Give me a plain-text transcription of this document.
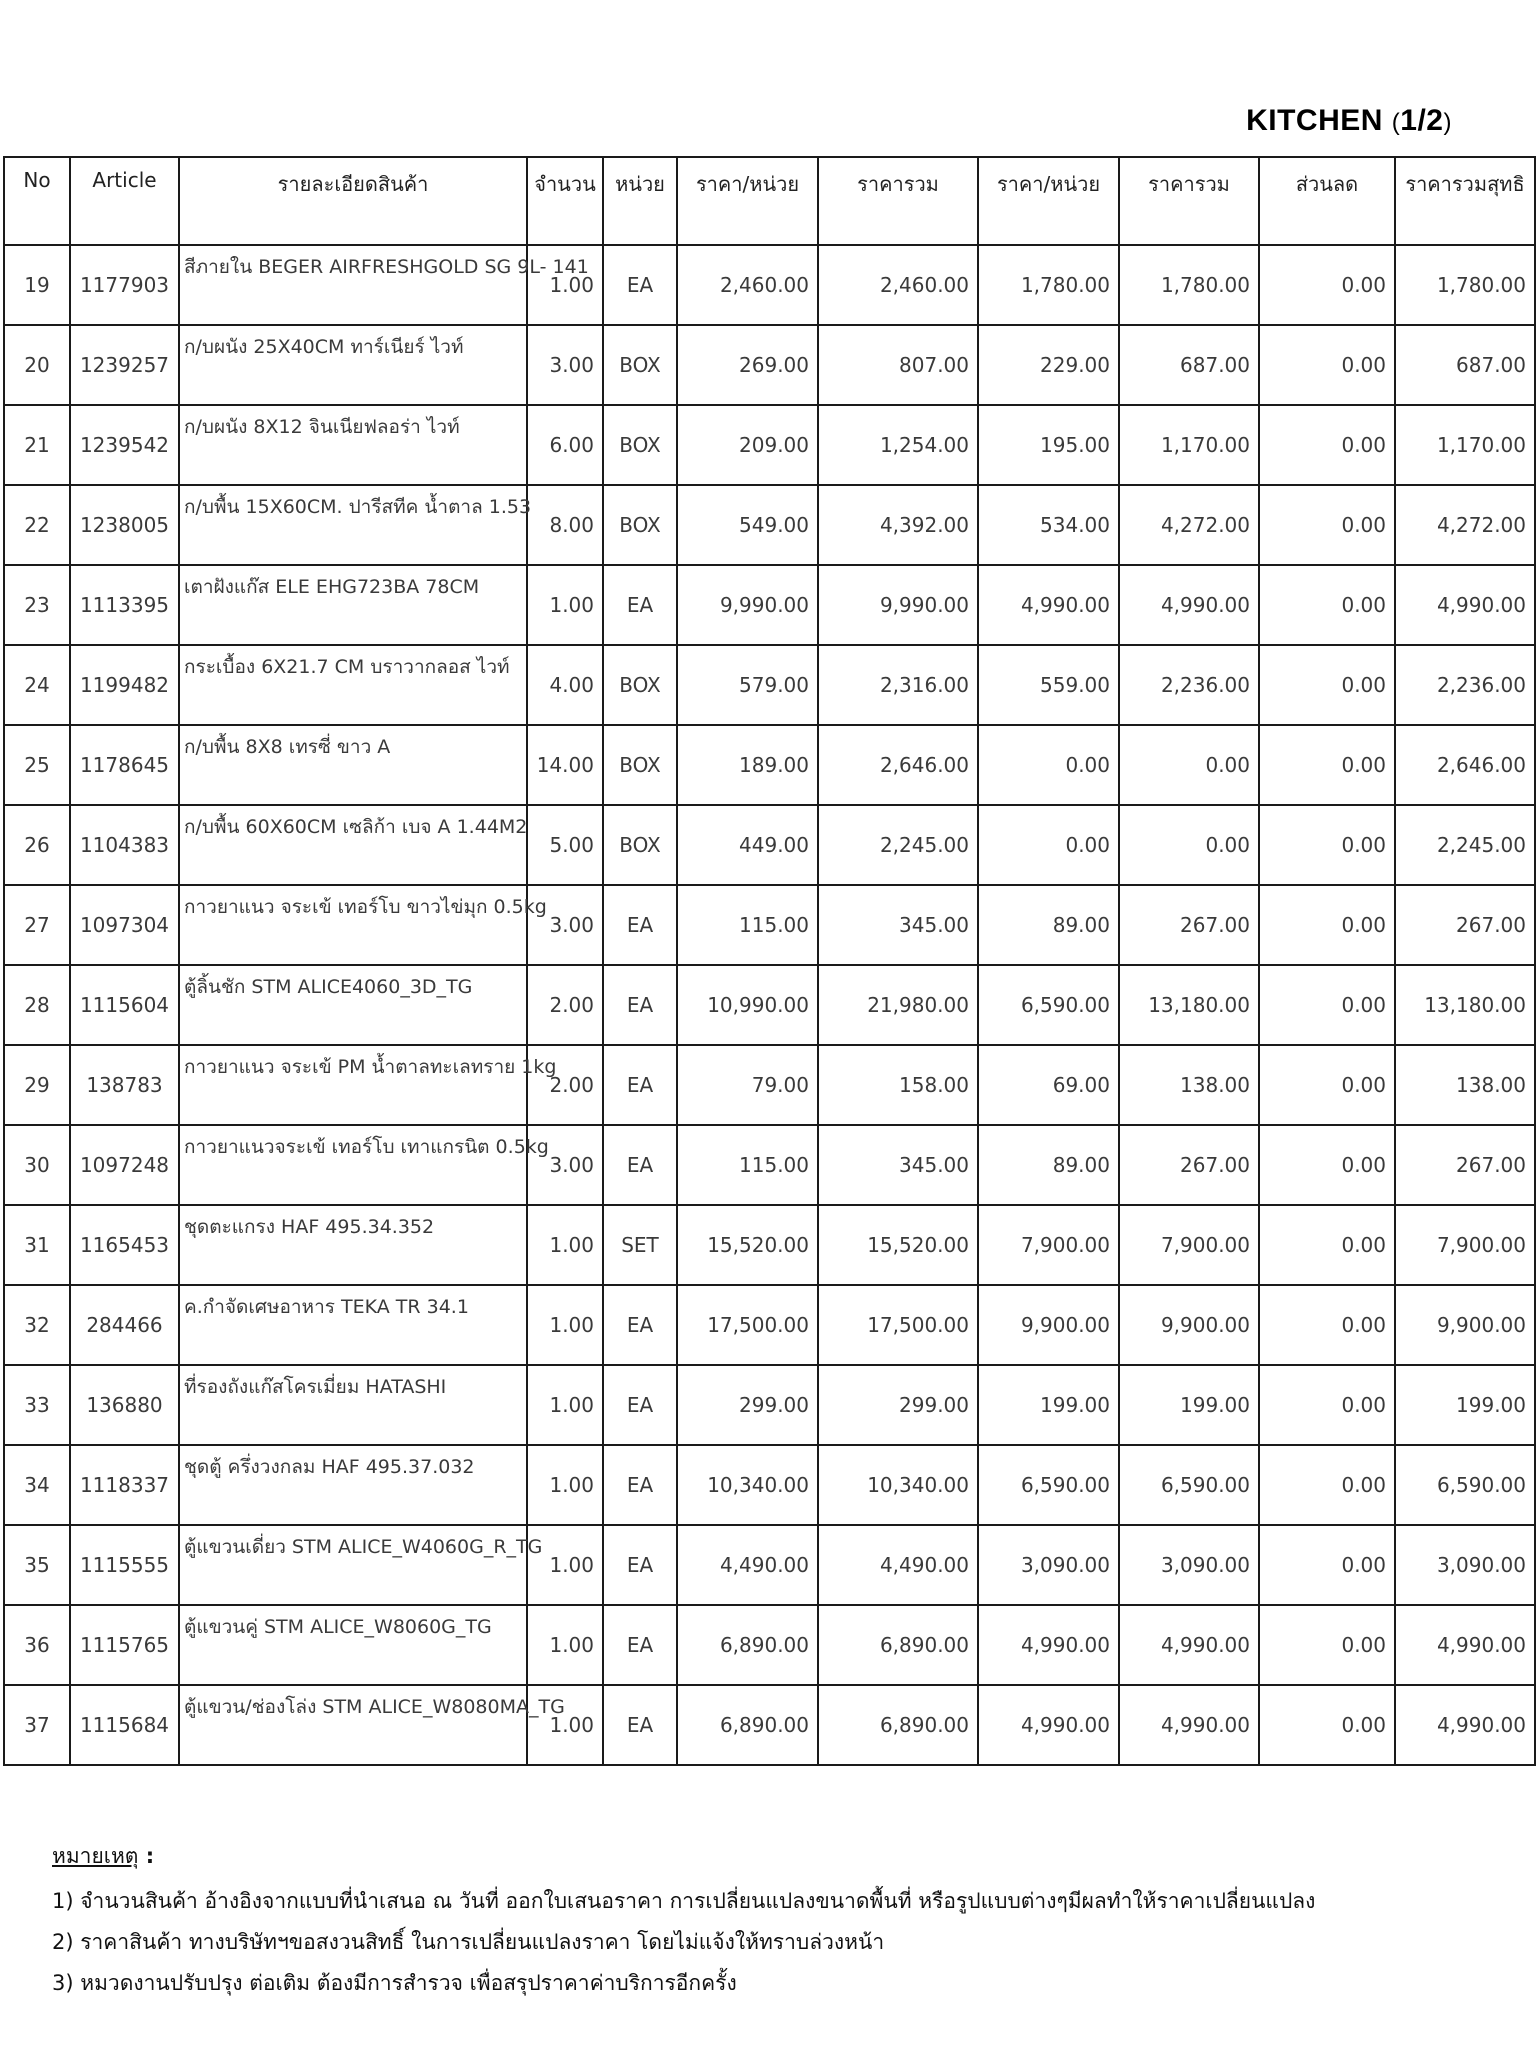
KITCHEN (1/2)
No	Article	รายละเอียดสินค้า	จำนวน	หน่วย	ราคา/หน่วย	ราคารวม	ราคา/หน่วย	ราคารวม	ส่วนลด	ราคารวมสุทธิ
19	1177903	สีภายใน BEGER AIRFRESHGOLD SG 9L- 141	1.00	EA	2,460.00	2,460.00	1,780.00	1,780.00	0.00	1,780.00
20	1239257	ก/บผนัง 25X40CM ทาร์เนียร์ ไวท์	3.00	BOX	269.00	807.00	229.00	687.00	0.00	687.00
21	1239542	ก/บผนัง 8X12 จินเนียฟลอร่า ไวท์	6.00	BOX	209.00	1,254.00	195.00	1,170.00	0.00	1,170.00
22	1238005	ก/บพื้น 15X60CM. ปารีสทีค น้ำตาล 1.53	8.00	BOX	549.00	4,392.00	534.00	4,272.00	0.00	4,272.00
23	1113395	เตาฝังแก๊ส ELE EHG723BA 78CM	1.00	EA	9,990.00	9,990.00	4,990.00	4,990.00	0.00	4,990.00
24	1199482	กระเบื้อง 6X21.7 CM บราวากลอส ไวท์	4.00	BOX	579.00	2,316.00	559.00	2,236.00	0.00	2,236.00
25	1178645	ก/บพื้น 8X8 เทรซี่ ขาว A	14.00	BOX	189.00	2,646.00	0.00	0.00	0.00	2,646.00
26	1104383	ก/บพื้น 60X60CM เซลิก้า เบจ A 1.44M2	5.00	BOX	449.00	2,245.00	0.00	0.00	0.00	2,245.00
27	1097304	กาวยาแนว จระเข้ เทอร์โบ ขาวไข่มุก 0.5kg	3.00	EA	115.00	345.00	89.00	267.00	0.00	267.00
28	1115604	ตู้ลิ้นชัก STM ALICE4060_3D_TG	2.00	EA	10,990.00	21,980.00	6,590.00	13,180.00	0.00	13,180.00
29	138783	กาวยาแนว จระเข้ PM น้ำตาลทะเลทราย 1kg	2.00	EA	79.00	158.00	69.00	138.00	0.00	138.00
30	1097248	กาวยาแนวจระเข้ เทอร์โบ เทาแกรนิต 0.5kg	3.00	EA	115.00	345.00	89.00	267.00	0.00	267.00
31	1165453	ชุดตะแกรง HAF 495.34.352	1.00	SET	15,520.00	15,520.00	7,900.00	7,900.00	0.00	7,900.00
32	284466	ค.กำจัดเศษอาหาร TEKA TR 34.1	1.00	EA	17,500.00	17,500.00	9,900.00	9,900.00	0.00	9,900.00
33	136880	ที่รองถังแก๊สโครเมี่ยม HATASHI	1.00	EA	299.00	299.00	199.00	199.00	0.00	199.00
34	1118337	ชุดตู้ ครึ่งวงกลม HAF 495.37.032	1.00	EA	10,340.00	10,340.00	6,590.00	6,590.00	0.00	6,590.00
35	1115555	ตู้แขวนเดี่ยว STM ALICE_W4060G_R_TG	1.00	EA	4,490.00	4,490.00	3,090.00	3,090.00	0.00	3,090.00
36	1115765	ตู้แขวนคู่ STM ALICE_W8060G_TG	1.00	EA	6,890.00	6,890.00	4,990.00	4,990.00	0.00	4,990.00
37	1115684	ตู้แขวน/ช่องโล่ง STM ALICE_W8080MA_TG	1.00	EA	6,890.00	6,890.00	4,990.00	4,990.00	0.00	4,990.00
หมายเหตุ :
1) จำนวนสินค้า อ้างอิงจากแบบที่นำเสนอ ณ วันที่ ออกใบเสนอราคา การเปลี่ยนแปลงขนาดพื้นที่ หรือรูปแบบต่างๆมีผลทำให้ราคาเปลี่ยนแปลง
2) ราคาสินค้า ทางบริษัทฯขอสงวนสิทธิ์ ในการเปลี่ยนแปลงราคา โดยไม่แจ้งให้ทราบล่วงหน้า
3) หมวดงานปรับปรุง ต่อเติม ต้องมีการสำรวจ เพื่อสรุปราคาค่าบริการอีกครั้ง
